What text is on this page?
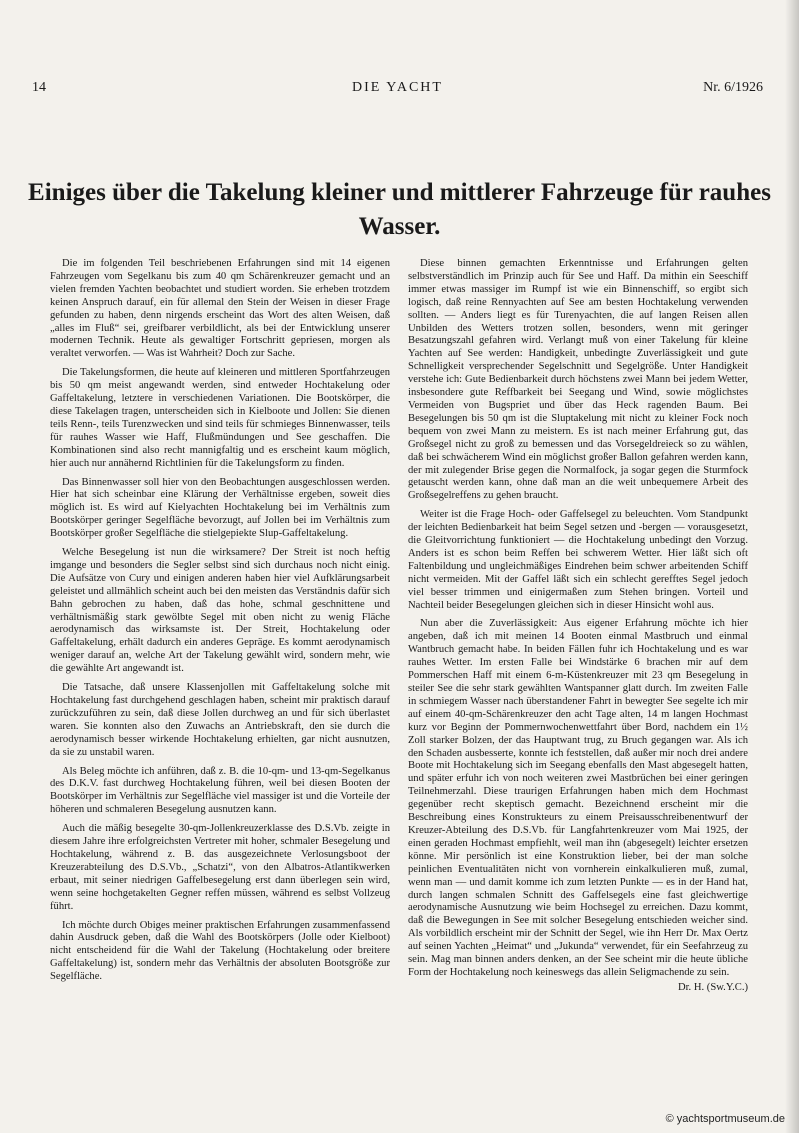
14	DIE YACHT	Nr. 6/1926
Einiges über die Takelung kleiner und mittlerer Fahrzeuge für rauhes Wasser.

Die im folgenden Teil beschriebenen Erfahrungen sind mit 14 eigenen Fahrzeugen vom Segelkanu bis zum 40 qm Schärenkreuzer gemacht und an vielen fremden Yachten beobachtet und studiert worden. Sie erheben trotzdem keinen Anspruch darauf, ein für allemal den Stein der Weisen in dieser Frage gefunden zu haben, denn nirgends erscheint das Wort des alten Weisen, daß „alles im Fluß“ sei, greifbarer verbildlicht, als bei der Entwicklung unserer modernen Technik. Heute als gewaltiger Fortschritt gepriesen, morgen als veraltet verworfen. — Was ist Wahrheit? Doch zur Sache.

Die Takelungsformen, die heute auf kleineren und mittleren Sportfahrzeugen bis 50 qm meist angewandt werden, sind entweder Hochtakelung oder Gaffeltakelung, letztere in verschiedenen Variationen. Die Bootskörper, die diese Takelagen tragen, unterscheiden sich in Kielboote und Jollen: Sie dienen teils Renn-, teils Turenzwecken und sind teils für schmieges Binnenwasser, teils für rauhes Wasser wie Haff, Flußmündungen und See geschaffen. Die Kombinationen sind also recht mannigfaltig und es erscheint kaum möglich, hier auch nur annähernd Richtlinien für die Takelungsform zu finden.

Das Binnenwasser soll hier von den Beobachtungen ausgeschlossen werden. Hier hat sich scheinbar eine Klärung der Verhältnisse ergeben, soweit dies möglich ist. Es wird auf Kielyachten Hochtakelung bei im Verhältnis zum Bootskörper geringer Segelfläche bevorzugt, auf Jollen bei im Verhältnis zum Bootskörper großer Segelfläche die stielgepiekte Slup-Gaffeltakelung.

Welche Besegelung ist nun die wirksamere? Der Streit ist noch heftig imgange und besonders die Segler selbst sind sich durchaus noch nicht einig. Die Aufsätze von Cury und einigen anderen haben hier viel Aufklärungsarbeit geleistet und allmählich scheint auch bei den meisten das Verständnis dafür sich Bahn gebrochen zu haben, daß das hohe, schmal geschnittene und verhältnismäßig stark gewölbte Segel mit oben nicht zu wenig Fläche aerodynamisch das wirksamste ist. Der Streit, Hochtakelung oder Gaffeltakelung, erhält dadurch ein anderes Gepräge. Es kommt aerodynamisch weniger darauf an, welche Art der Takelung gewählt wird, sondern mehr, wie die gewählte Art angewandt ist.

Die Tatsache, daß unsere Klassenjollen mit Gaffeltakelung solche mit Hochtakelung fast durchgehend geschlagen haben, scheint mir praktisch darauf zurückzuführen zu sein, daß diese Jollen durchweg an und für sich überlastet waren. Sie konnten also den Zuwachs an Antriebskraft, den sie durch die aerodynamisch besser wirkende Hochtakelung erhielten, gar nicht ausnutzen, da sie zu unstabil waren.

Als Beleg möchte ich anführen, daß z. B. die 10-qm- und 13-qm-Segelkanus des D.K.V. fast durchweg Hochtakelung führen, weil bei diesen Booten der Bootskörper im Verhältnis zur Segelfläche viel massiger ist und die Vorteile der höheren und schmaleren Besegelung ausnutzen kann.

Auch die mäßig besegelte 30-qm-Jollenkreuzerklasse des D.S.Vb. zeigte in diesem Jahre ihre erfolgreichsten Vertreter mit hoher, schmaler Besegelung und Hochtakelung, während z. B. das ausgezeichnete Verlosungsboot der Kreuzerabteilung des D.S.Vb., „Schatzi“, von den Albatros-Atlantikwerken erbaut, mit seiner niedrigen Gaffelbesegelung erst dann überlegen sein wird, wenn seine hochgetakelten Gegner reffen müssen, während es selbst Vollzeug führt.

Ich möchte durch Obiges meiner praktischen Erfahrungen zusammenfassend dahin Ausdruck geben, daß die Wahl des Bootskörpers (Jolle oder Kielboot) nicht entscheidend für die Wahl der Takelung (Hochtakelung oder breitere Gaffeltakelung) ist, sondern mehr das Verhältnis der absoluten Bootsgröße zur Segelfläche.

Diese binnen gemachten Erkenntnisse und Erfahrungen gelten selbstverständlich im Prinzip auch für See und Haff. Da mithin ein Seeschiff immer etwas massiger im Rumpf ist wie ein Binnenschiff, so ergibt sich logisch, daß reine Rennyachten auf See am besten Hochtakelung verwenden sollten. — Anders liegt es für Turenyachten, die auf langen Reisen allen Unbilden des Wetters trotzen sollen, besonders, wenn mit geringer Besatzungszahl gefahren wird. Verlangt muß von einer Takelung für kleine Yachten auf See werden: Handigkeit, unbedingte Zuverlässigkeit und gute Schnelligkeit versprechender Segelschnitt und Segelgröße. Unter Handigkeit verstehe ich: Gute Bedienbarkeit durch höchstens zwei Mann bei jedem Wetter, insbesondere gute Reffbarkeit bei Seegang und Wind, sowie möglichstes Vermeiden von Bugspriet und über das Heck ragenden Baum. Bei Besegelungen bis 50 qm ist die Sluptakelung mit nicht zu kleiner Fock noch bequem von zwei Mann zu meistern. Es ist nach meiner Erfahrung gut, das Großsegel nicht zu groß zu bemessen und das Vorsegeldreieck so zu wählen, daß bei schwächerem Wind ein möglichst großer Ballon gefahren werden kann, der mit zulegender Brise gegen die Normalfock, ja sogar gegen die Sturmfock getauscht werden kann, ohne daß man an die weit unbequemere Arbeit des Großsegelreffens zu gehen braucht.

Weiter ist die Frage Hoch- oder Gaffelsegel zu beleuchten. Vom Standpunkt der leichten Bedienbarkeit hat beim Segel setzen und -bergen — vorausgesetzt, die Gleitvorrichtung funktioniert — die Hochtakelung unbedingt den Vorzug. Anders ist es schon beim Reffen bei schwerem Wetter. Hier läßt sich oft Faltenbildung und ungleichmäßiges Eindrehen beim schwer arbeitenden Schiff nicht vermeiden. Mit der Gaffel läßt sich ein schlecht gerefftes Segel jedoch viel besser trimmen und einigermaßen zum Stehen bringen. Vorteil und Nachteil beider Besegelungen gleichen sich in dieser Hinsicht wohl aus.

Nun aber die Zuverlässigkeit: Aus eigener Erfahrung möchte ich hier angeben, daß ich mit meinen 14 Booten einmal Mastbruch und einmal Wantbruch gemacht habe. In beiden Fällen fuhr ich Hochtakelung und es war rauhes Wetter. Im ersten Falle bei Windstärke 6 brachen mir auf dem Pommerschen Haff mit einem 6-m-Küstenkreuzer mit 23 qm Besegelung in steiler See die sehr stark gewählten Wantspanner glatt durch. Im zweiten Falle in schmiegem Wasser nach überstandener Fahrt in bewegter See segelte ich mir auf einem 40-qm-Schärenkreuzer den acht Tage alten, 14 m langen Hochmast kurz vor Beginn der Pommernwochenwettfahrt über Bord, nachdem ein 1½ Zoll starker Bolzen, der das Hauptwant trug, zu Bruch gegangen war. Als ich den Schaden ausbesserte, konnte ich feststellen, daß außer mir noch drei andere Boote mit Hochtakelung sich im Seegang ebenfalls den Mast abgesegelt hatten, und später erfuhr ich von noch weiteren zwei Mastbrüchen bei einer geringen Teilnehmerzahl. Diese traurigen Erfahrungen haben mich dem Hochmast gegenüber recht skeptisch gemacht. Bezeichnend erscheint mir die Beschreibung eines Konstrukteurs zu einem Preisausschreibenentwurf der Kreuzer-Abteilung des D.S.Vb. für Langfahrtenkreuzer vom Mai 1925, der einen geraden Hochmast empfiehlt, weil man ihn (abgesegelt) leichter ersetzen könne. Mir persönlich ist eine Konstruktion lieber, bei der man solche peinlichen Eventualitäten nicht von vornherein einkalkulieren muß, zumal, wenn man — und damit komme ich zum letzten Punkte — es in der Hand hat, durch langen schmalen Schnitt des Gaffelsegels eine fast gleichwertige aerodynamische Ausnutzung wie beim Hochsegel zu erreichen. Dazu kommt, daß die Bewegungen in See mit solcher Besegelung entschieden weicher sind. Als vorbildlich erscheint mir der Schnitt der Segel, wie ihn Herr Dr. Max Oertz auf seinen Yachten „Heimat“ und „Jukunda“ verwendet, für ein Seefahrzeug zu sein. Mag man binnen anders denken, an der See scheint mir die heute übliche Form der Hochtakelung noch keineswegs das allein Seligmachende zu sein.

Dr. H. (Sw.Y.C.)
© yachtsportmuseum.de
